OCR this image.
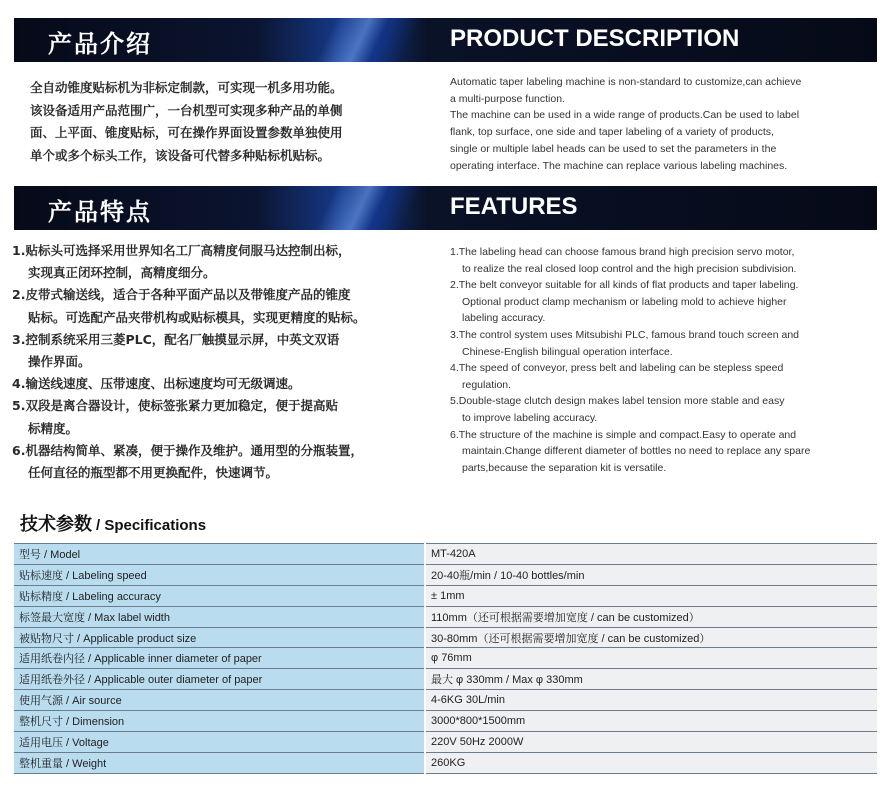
产品介绍	PRODUCT DESCRIPTION

全自动锥度贴标机为非标定制款，可实现一机多用功能。

该设备适用产品范围广，一台机型可实现多种产品的单侧

面、上平面、锥度贴标，可在操作界面设置参数单独使用

单个或多个标头工作，该设备可代替多种贴标机贴标。

Automatic taper labeling machine is non-standard to customize,can achieve

a multi-purpose function.

The machine can be used in a wide range of products.Can be used to label

flank, top surface, one side and taper labeling of a variety of products,

single or multiple label heads can be used to set the parameters in the

operating interface. The machine can replace various labeling machines.

产品特点	FEATURES

1.贴标头可选择采用世界知名工厂高精度伺服马达控制出标，

实现真正闭环控制，高精度细分。

2.皮带式输送线，适合于各种平面产品以及带锥度产品的锥度

贴标。可选配产品夹带机构或贴标模具，实现更精度的贴标。

3.控制系统采用三菱PLC，配名厂触摸显示屏，中英文双语

操作界面。

4.输送线速度、压带速度、出标速度均可无级调速。

5.双段是离合器设计，使标签张紧力更加稳定，便于提高贴

标精度。

6.机器结构简单、紧凑，便于操作及维护。通用型的分瓶装置，

任何直径的瓶型都不用更换配件，快速调节。

1.The labeling head can choose famous brand high precision servo motor,

to realize the real closed loop control and the high precision subdivision.

2.The belt conveyor suitable for all kinds of flat products and taper labeling.

Optional product clamp mechanism or labeling mold to achieve higher

labeling accuracy.

3.The control system uses Mitsubishi PLC, famous brand touch screen and

Chinese-English bilingual operation interface.

4.The speed of conveyor, press belt and labeling can be stepless speed

regulation.

5.Double-stage clutch design makes label tension more stable and easy

to improve labeling accuracy.

6.The structure of the machine is simple and compact.Easy to operate and

maintain.Change different diameter of bottles no need to replace any spare

parts,because the separation kit is versatile.

技术参数 / Specifications
型号 / Model	MT-420A
贴标速度 / Labeling speed	20-40瓶/min / 10-40 bottles/min
贴标精度 / Labeling accuracy	± 1mm
标签最大宽度 / Max label width	110mm（还可根据需要增加宽度 / can be customized）
被贴物尺寸 / Applicable product size	30-80mm（还可根据需要增加宽度 / can be customized）
适用纸卷内径 / Applicable inner diameter of paper	φ 76mm
适用纸卷外径 / Applicable outer diameter of paper	最大 φ 330mm / Max φ 330mm
使用气源 / Air source	4-6KG 30L/min
整机尺寸 / Dimension	3000*800*1500mm
适用电压 / Voltage	220V 50Hz 2000W
整机重量 / Weight	260KG
